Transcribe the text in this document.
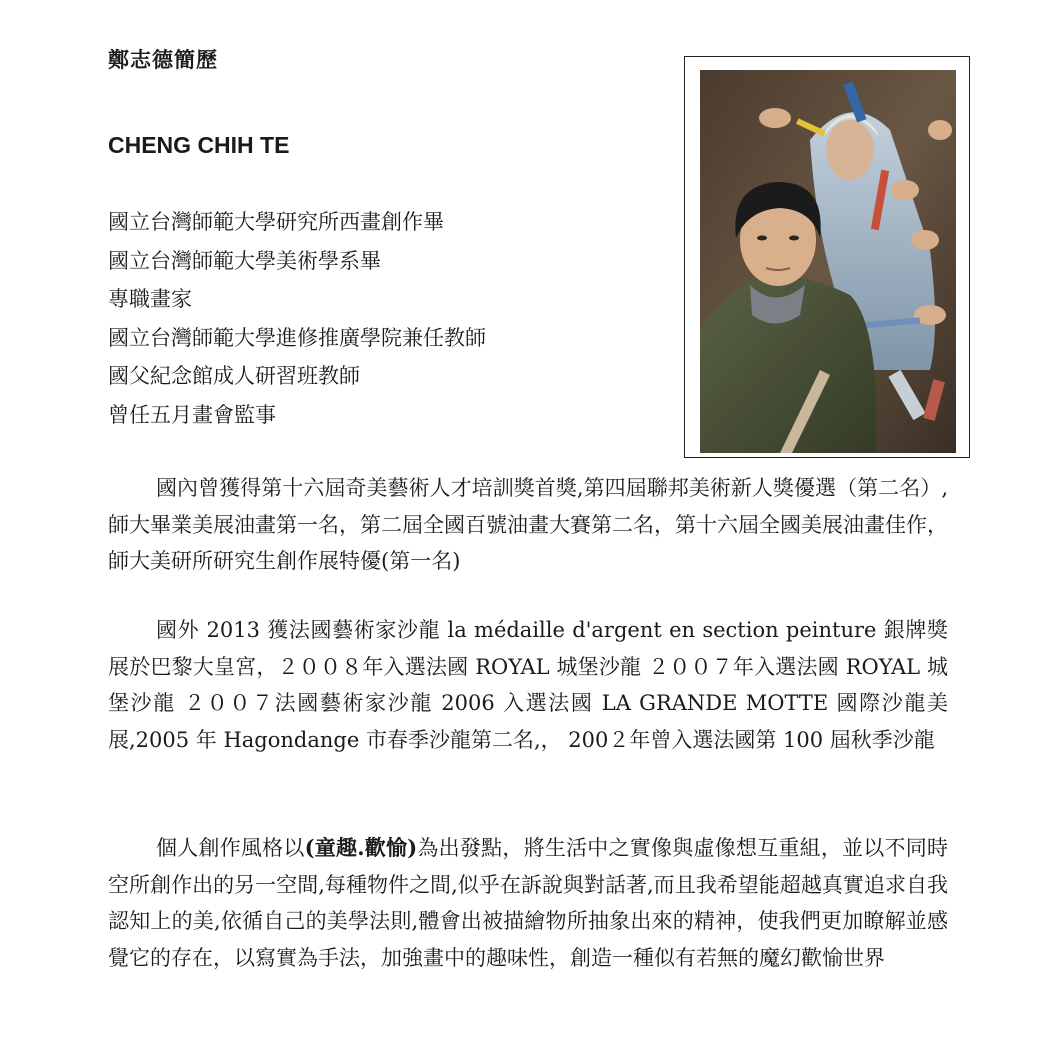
鄭志德簡歷
CHENG CHIH TE
國立台灣師範大學研究所西畫創作畢
國立台灣師範大學美術學系畢
專職畫家
國立台灣師範大學進修推廣學院兼任教師
國父紀念館成人研習班教師
曾任五月畫會監事

國內曾獲得第十六屆奇美藝術人才培訓獎首獎,第四屆聯邦美術新人獎優選（第二名）,師大畢業美展油畫第一名，第二屆全國百號油畫大賽第二名，第十六屆全國美展油畫佳作，師大美研所研究生創作展特優(第一名)

國外 2013 獲法國藝術家沙龍 la médaille d'argent en section peinture 銀牌獎展於巴黎大皇宮，２００８年入選法國 ROYAL 城堡沙龍 ２００７年入選法國 ROYAL 城堡沙龍 ２００７法國藝術家沙龍 2006 入選法國 LA GRANDE MOTTE 國際沙龍美展,2005 年 Hagondange 市春季沙龍第二名,， 200２年曾入選法國第 100 屆秋季沙龍

個人創作風格以(童趣.歡愉)為出發點，將生活中之實像與虛像想互重組，並以不同時空所創作出的另一空間,每種物件之間,似乎在訴說與對話著,而且我希望能超越真實追求自我認知上的美,依循自己的美學法則,體會出被描繪物所抽象出來的精神，使我們更加瞭解並感覺它的存在，以寫實為手法，加強畫中的趣味性，創造一種似有若無的魔幻歡愉世界
